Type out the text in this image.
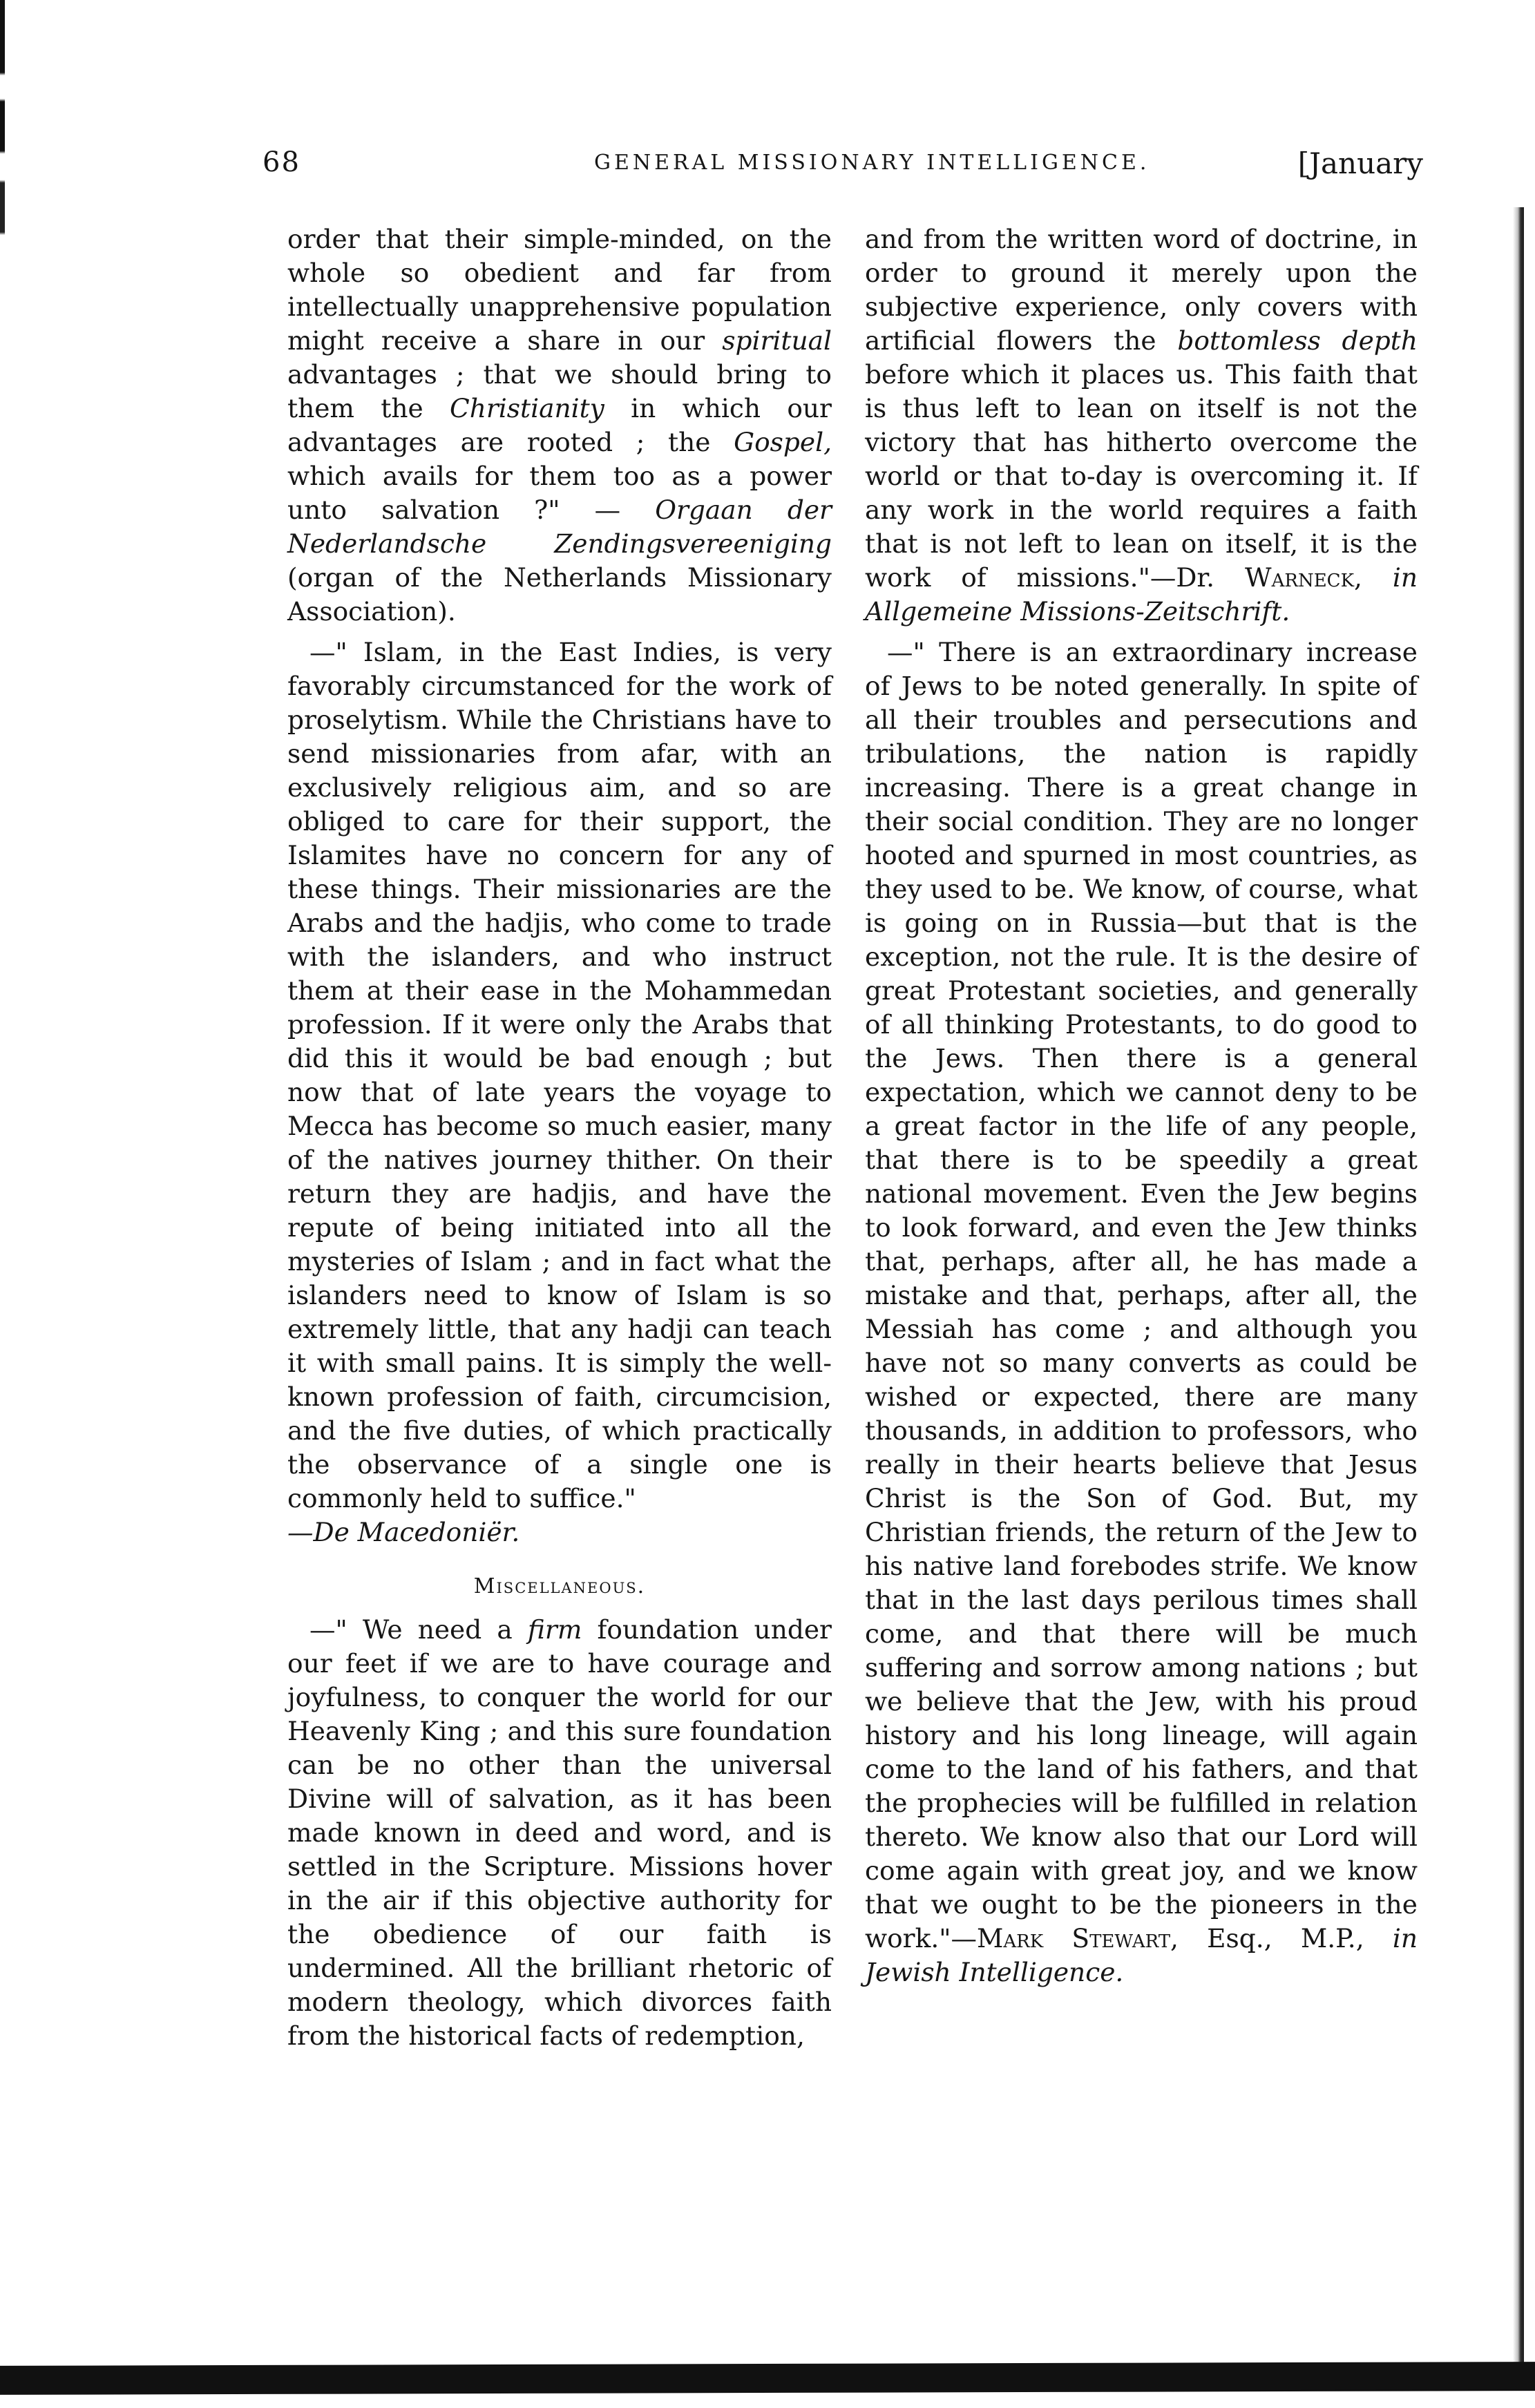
68	GENERAL MISSIONARY INTELLIGENCE.	[January

order that their simple-minded, on the whole so obedient and far from intellectually unapprehensive population might receive a share in our spiritual advantages ; that we should bring to them the Christianity in which our advantages are rooted ; the Gospel, which avails for them too as a power unto salvation ?" — Orgaan der Nederlandsche Zendingsvereeniging (organ of the Netherlands Missionary Association).

—" Islam, in the East Indies, is very favorably circumstanced for the work of proselytism. While the Christians have to send missionaries from afar, with an exclusively religious aim, and so are obliged to care for their support, the Islamites have no concern for any of these things. Their missionaries are the Arabs and the hadjis, who come to trade with the islanders, and who instruct them at their ease in the Mohammedan profession. If it were only the Arabs that did this it would be bad enough ; but now that of late years the voyage to Mecca has become so much easier, many of the natives journey thither. On their return they are hadjis, and have the repute of being initiated into all the mysteries of Islam ; and in fact what the islanders need to know of Islam is so extremely little, that any hadji can teach it with small pains. It is simply the well-known profession of faith, circumcision, and the five duties, of which practically the observance of a single one is commonly held to suffice."

—De Macedoniër.

Miscellaneous.

—" We need a firm foundation under our feet if we are to have courage and joyfulness, to conquer the world for our Heavenly King ; and this sure foundation can be no other than the universal Divine will of salvation, as it has been made known in deed and word, and is settled in the Scripture. Missions hover in the air if this objective authority for the obedience of our faith is undermined. All the brilliant rhetoric of modern theology, which divorces faith from the historical facts of redemption,

and from the written word of doctrine, in order to ground it merely upon the subjective experience, only covers with artificial flowers the bottomless depth before which it places us. This faith that is thus left to lean on itself is not the victory that has hitherto overcome the world or that to-day is overcoming it. If any work in the world requires a faith that is not left to lean on itself, it is the work of missions."—Dr. Warneck, in Allgemeine Missions-Zeitschrift.

—" There is an extraordinary increase of Jews to be noted generally. In spite of all their troubles and persecutions and tribulations, the nation is rapidly increasing. There is a great change in their social condition. They are no longer hooted and spurned in most countries, as they used to be. We know, of course, what is going on in Russia—but that is the exception, not the rule. It is the desire of great Protestant societies, and generally of all thinking Protestants, to do good to the Jews. Then there is a general expectation, which we cannot deny to be a great factor in the life of any people, that there is to be speedily a great national movement. Even the Jew begins to look forward, and even the Jew thinks that, perhaps, after all, he has made a mistake and that, perhaps, after all, the Messiah has come ; and although you have not so many converts as could be wished or expected, there are many thousands, in addition to professors, who really in their hearts believe that Jesus Christ is the Son of God. But, my Christian friends, the return of the Jew to his native land forebodes strife. We know that in the last days perilous times shall come, and that there will be much suffering and sorrow among nations ; but we believe that the Jew, with his proud history and his long lineage, will again come to the land of his fathers, and that the prophecies will be fulfilled in relation thereto. We know also that our Lord will come again with great joy, and we know that we ought to be the pioneers in the work."—Mark Stewart, Esq., M.P., in Jewish Intelligence.
